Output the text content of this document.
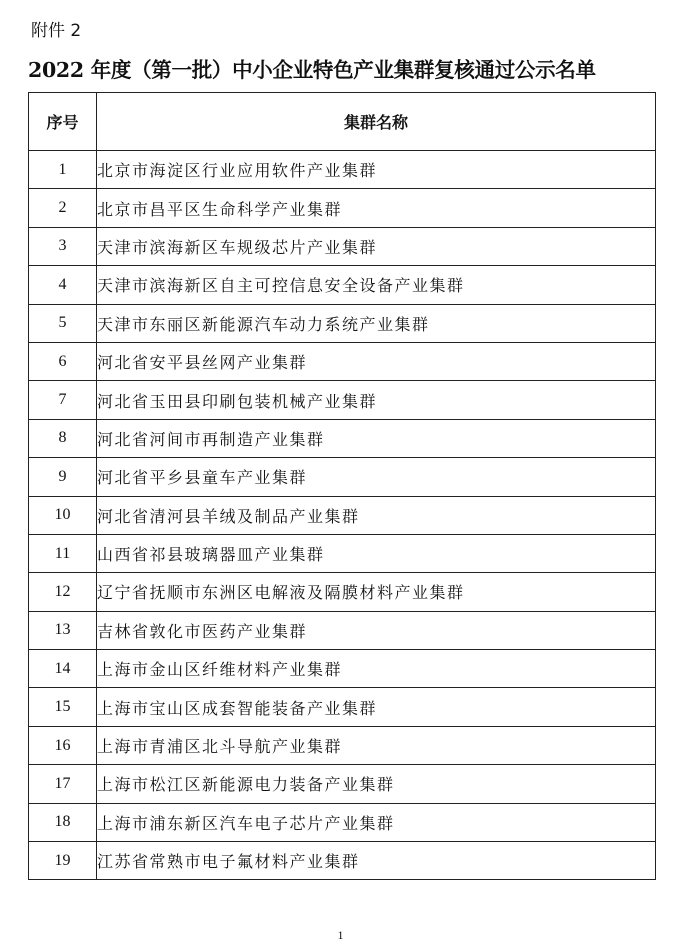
附件 2
2022 年度（第一批）中小企业特色产业集群复核通过公示名单
序号	集群名称
1	北京市海淀区行业应用软件产业集群
2	北京市昌平区生命科学产业集群
3	天津市滨海新区车规级芯片产业集群
4	天津市滨海新区自主可控信息安全设备产业集群
5	天津市东丽区新能源汽车动力系统产业集群
6	河北省安平县丝网产业集群
7	河北省玉田县印刷包装机械产业集群
8	河北省河间市再制造产业集群
9	河北省平乡县童车产业集群
10	河北省清河县羊绒及制品产业集群
11	山西省祁县玻璃器皿产业集群
12	辽宁省抚顺市东洲区电解液及隔膜材料产业集群
13	吉林省敦化市医药产业集群
14	上海市金山区纤维材料产业集群
15	上海市宝山区成套智能装备产业集群
16	上海市青浦区北斗导航产业集群
17	上海市松江区新能源电力装备产业集群
18	上海市浦东新区汽车电子芯片产业集群
19	江苏省常熟市电子氟材料产业集群
1
